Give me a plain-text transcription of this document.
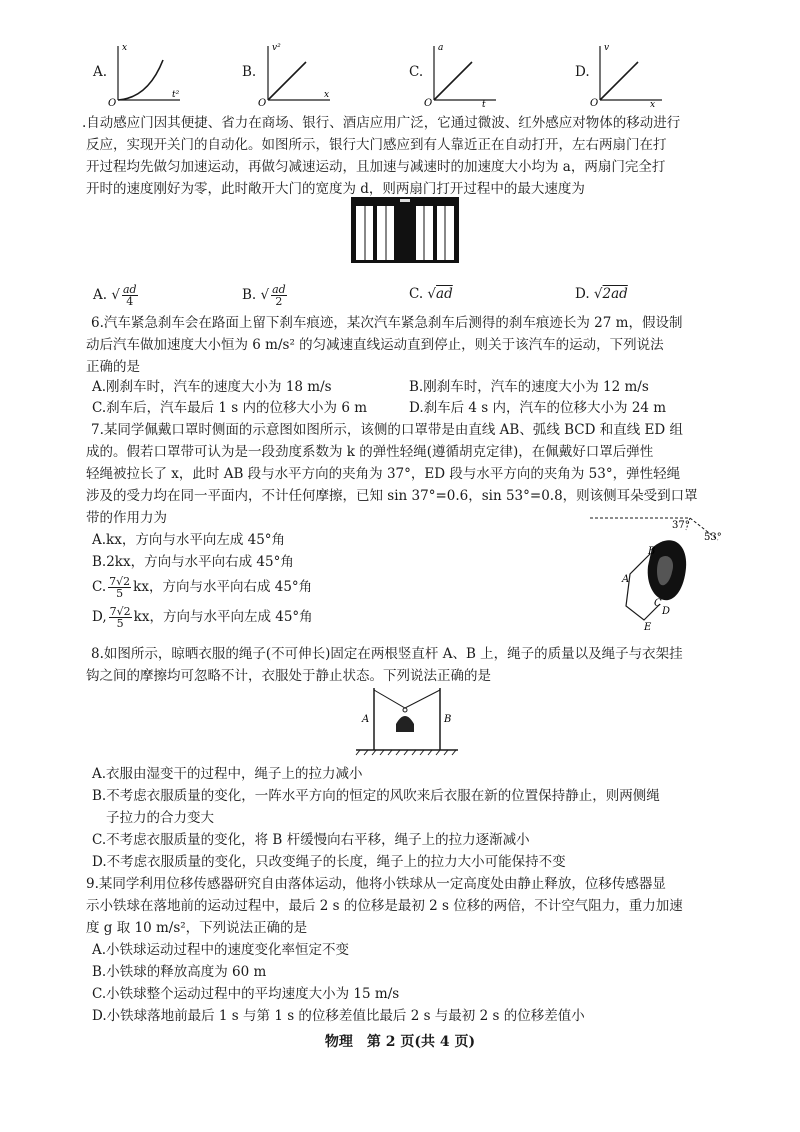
A.
x
t²
O
B.
v²
x
O
C.
a
t
O
D.
v
x
O
.自动感应门因其便捷、省力在商场、银行、酒店应用广泛，它通过微波、红外感应对物体的移动进行
反应，实现开关门的自动化。如图所示，银行大门感应到有人靠近正在自动打开，左右两扇门在打
开过程均先做匀加速运动，再做匀减速运动，且加速与减速时的加速度大小均为 a，两扇门完全打
开时的速度刚好为零，此时敞开大门的宽度为 d，则两扇门打开过程中的最大速度为
A. √ $\frac{ad}{4}$	B. √ $\frac{ad}{2}$	C. √ad	D. √2ad
6.汽车紧急刹车会在路面上留下刹车痕迹，某次汽车紧急刹车后测得的刹车痕迹长为 27 m，假设制
动后汽车做加速度大小恒为 6 m/s² 的匀减速直线运动直到停止，则关于该汽车的运动，下列说法
正确的是
A.刚刹车时，汽车的速度大小为 18 m/s	B.刚刹车时，汽车的速度大小为 12 m/s
C.刹车后，汽车最后 1 s 内的位移大小为 6 m	D.刹车后 4 s 内，汽车的位移大小为 24 m
7.某同学佩戴口罩时侧面的示意图如图所示，该侧的口罩带是由直线 AB、弧线 BCD 和直线 ED 组
成的。假若口罩带可认为是一段劲度系数为 k 的弹性轻绳(遵循胡克定律)，在佩戴好口罩后弹性
轻绳被拉长了 x，此时 AB 段与水平方向的夹角为 37°，ED 段与水平方向的夹角为 53°，弹性轻绳
涉及的受力均在同一平面内，不计任何摩擦，已知 sin 37°=0.6，sin 53°=0.8，则该侧耳朵受到口罩
带的作用力为
A.kx，方向与水平向左成 45°角
B.2kx，方向与水平向右成 45°角
C. $\frac{7√2}{5}$ kx，方向与水平向右成 45°角
D, $\frac{7√2}{5}$ kx，方向与水平向左成 45°角
37°
53°
B
A
C
D
E
8.如图所示，晾晒衣服的绳子(不可伸长)固定在两根竖直杆 A、B 上，绳子的质量以及绳子与衣架挂
钩之间的摩擦均可忽略不计，衣服处于静止状态。下列说法正确的是
A	B
A.衣服由湿变干的过程中，绳子上的拉力减小
B.不考虑衣服质量的变化，一阵水平方向的恒定的风吹来后衣服在新的位置保持静止，则两侧绳
子拉力的合力变大
C.不考虑衣服质量的变化，将 B 杆缓慢向右平移，绳子上的拉力逐渐减小
D.不考虑衣服质量的变化，只改变绳子的长度，绳子上的拉力大小可能保持不变
9.某同学利用位移传感器研究自由落体运动，他将小铁球从一定高度处由静止释放，位移传感器显
示小铁球在落地前的运动过程中，最后 2 s 的位移是最初 2 s 位移的两倍，不计空气阻力，重力加速
度 g 取 10 m/s²，下列说法正确的是
A.小铁球运动过程中的速度变化率恒定不变
B.小铁球的释放高度为 60 m
C.小铁球整个运动过程中的平均速度大小为 15 m/s
D.小铁球落地前最后 1 s 与第 1 s 的位移差值比最后 2 s 与最初 2 s 的位移差值小
物理　第 2 页(共 4 页)
